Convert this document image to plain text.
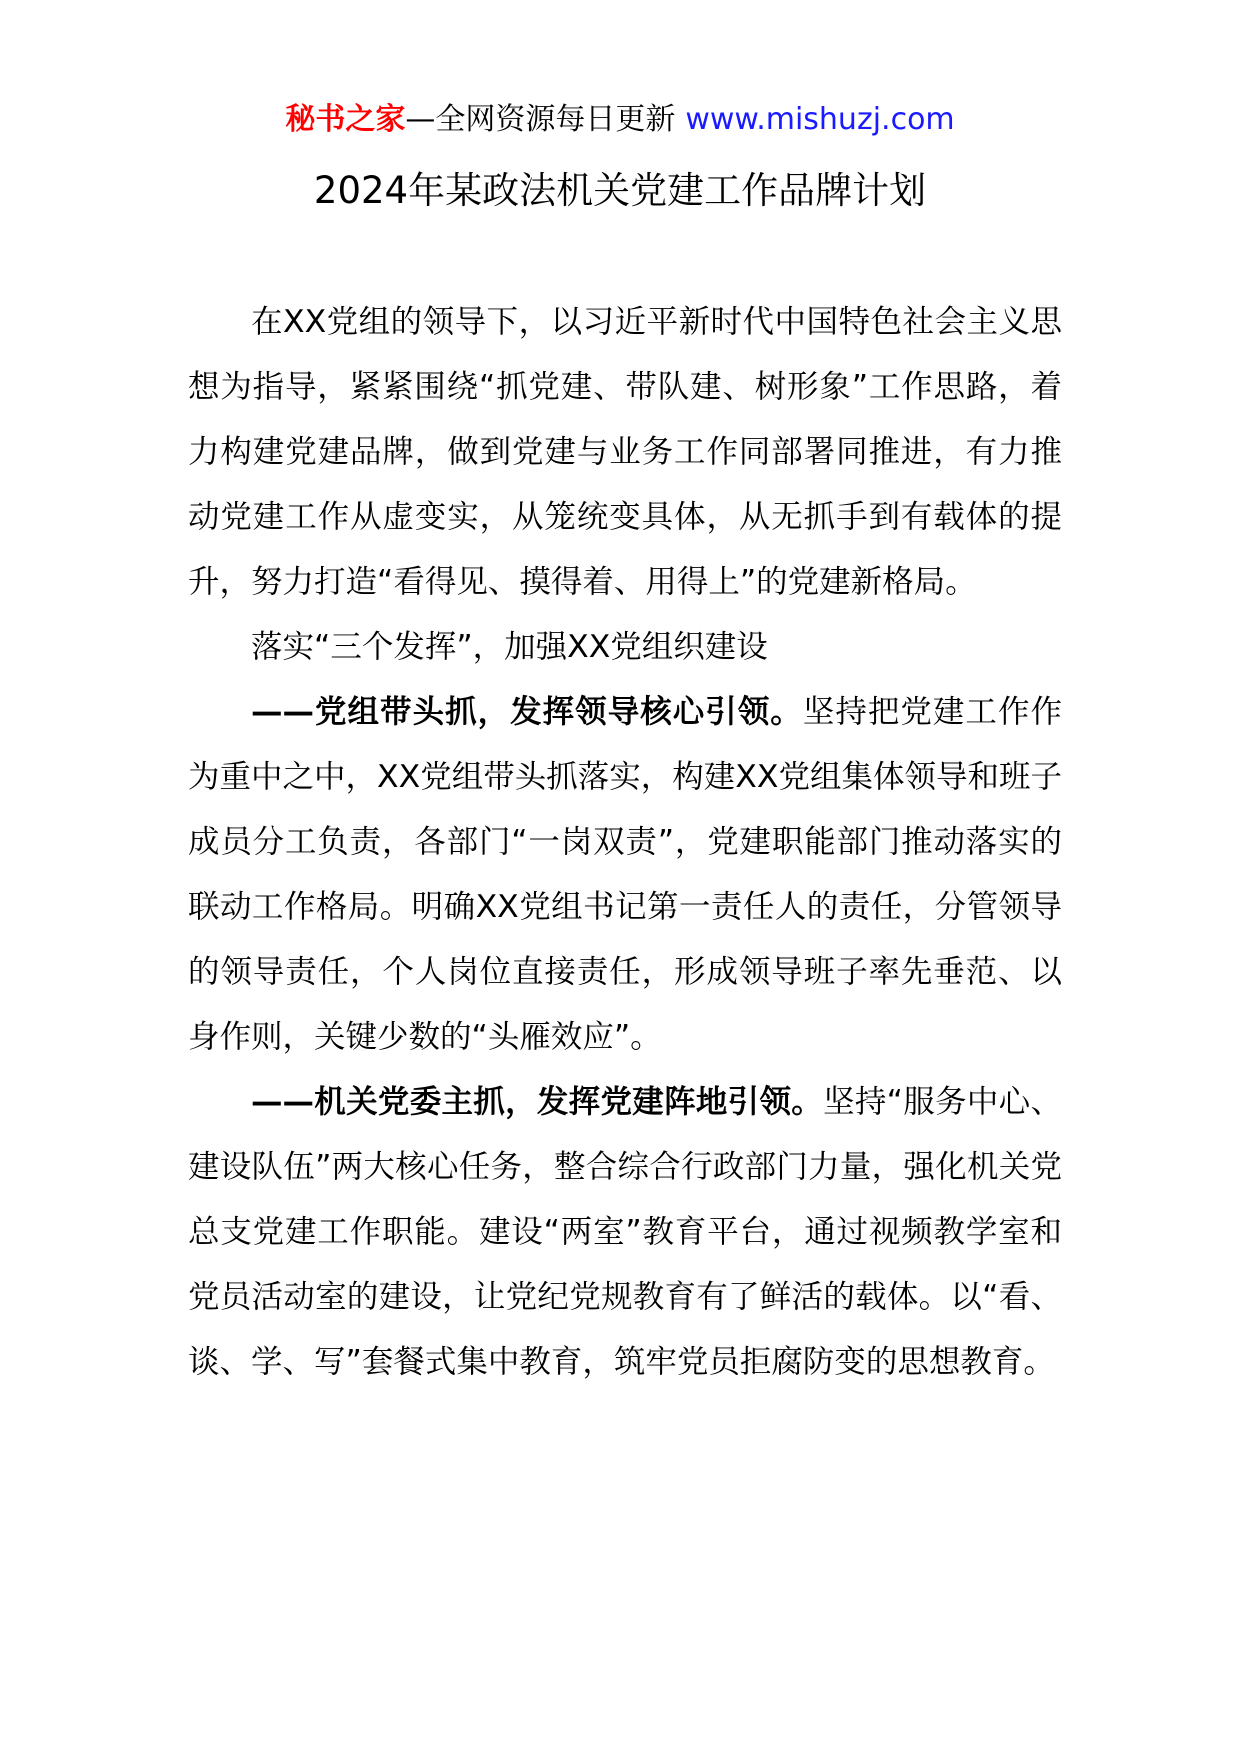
秘书之家—全网资源每日更新 www.mishuzj.com
2024年某政法机关党建工作品牌计划

在XX党组的领导下，以习近平新时代中国特色社会主义思想为指导，紧紧围绕“抓党建、带队建、树形象”工作思路，着力构建党建品牌，做到党建与业务工作同部署同推进，有力推动党建工作从虚变实，从笼统变具体，从无抓手到有载体的提升，努力打造“看得见、摸得着、用得上”的党建新格局。

落实“三个发挥”，加强XX党组织建设

——党组带头抓，发挥领导核心引领。坚持把党建工作作为重中之中，XX党组带头抓落实，构建XX党组集体领导和班子成员分工负责，各部门“一岗双责”，党建职能部门推动落实的联动工作格局。明确XX党组书记第一责任人的责任，分管领导的领导责任，个人岗位直接责任，形成领导班子率先垂范、以身作则，关键少数的“头雁效应”。

——机关党委主抓，发挥党建阵地引领。坚持“服务中心、建设队伍”两大核心任务，整合综合行政部门力量，强化机关党总支党建工作职能。建设“两室”教育平台，通过视频教学室和党员活动室的建设，让党纪党规教育有了鲜活的载体。以“看、谈、学、写”套餐式集中教育，筑牢党员拒腐防变的思想教育。
